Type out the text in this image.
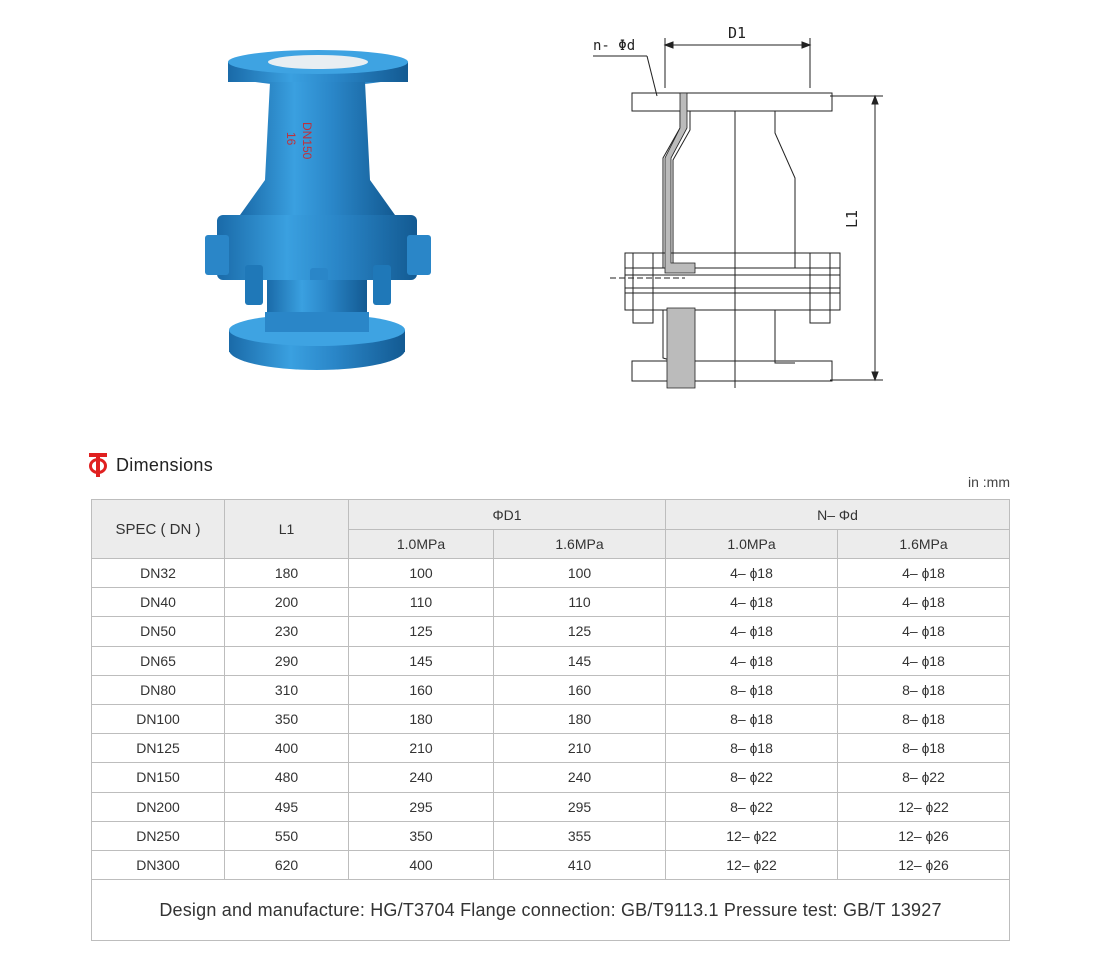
DN150
16
n- Φd
D1
L1
Dimensions
in :mm
SPEC ( DN )	L1	ΦD1		N– Φd	
		1.0MPa	1.6MPa	1.0MPa	1.6MPa
DN32	180	100	100	4– ɸ18	4– ɸ18
DN40	200	110	110	4– ɸ18	4– ɸ18
DN50	230	125	125	4– ɸ18	4– ɸ18
DN65	290	145	145	4– ɸ18	4– ɸ18
DN80	310	160	160	8– ɸ18	8– ɸ18
DN100	350	180	180	8– ɸ18	8– ɸ18
DN125	400	210	210	8– ɸ18	8– ɸ18
DN150	480	240	240	8– ɸ22	8– ɸ22
DN200	495	295	295	8– ɸ22	12– ɸ22
DN250	550	350	355	12– ɸ22	12– ɸ26
DN300	620	400	410	12– ɸ22	12– ɸ26
Design and manufacture: HG/T3704 Flange connection: GB/T9113.1 Pressure test: GB/T 13927					
